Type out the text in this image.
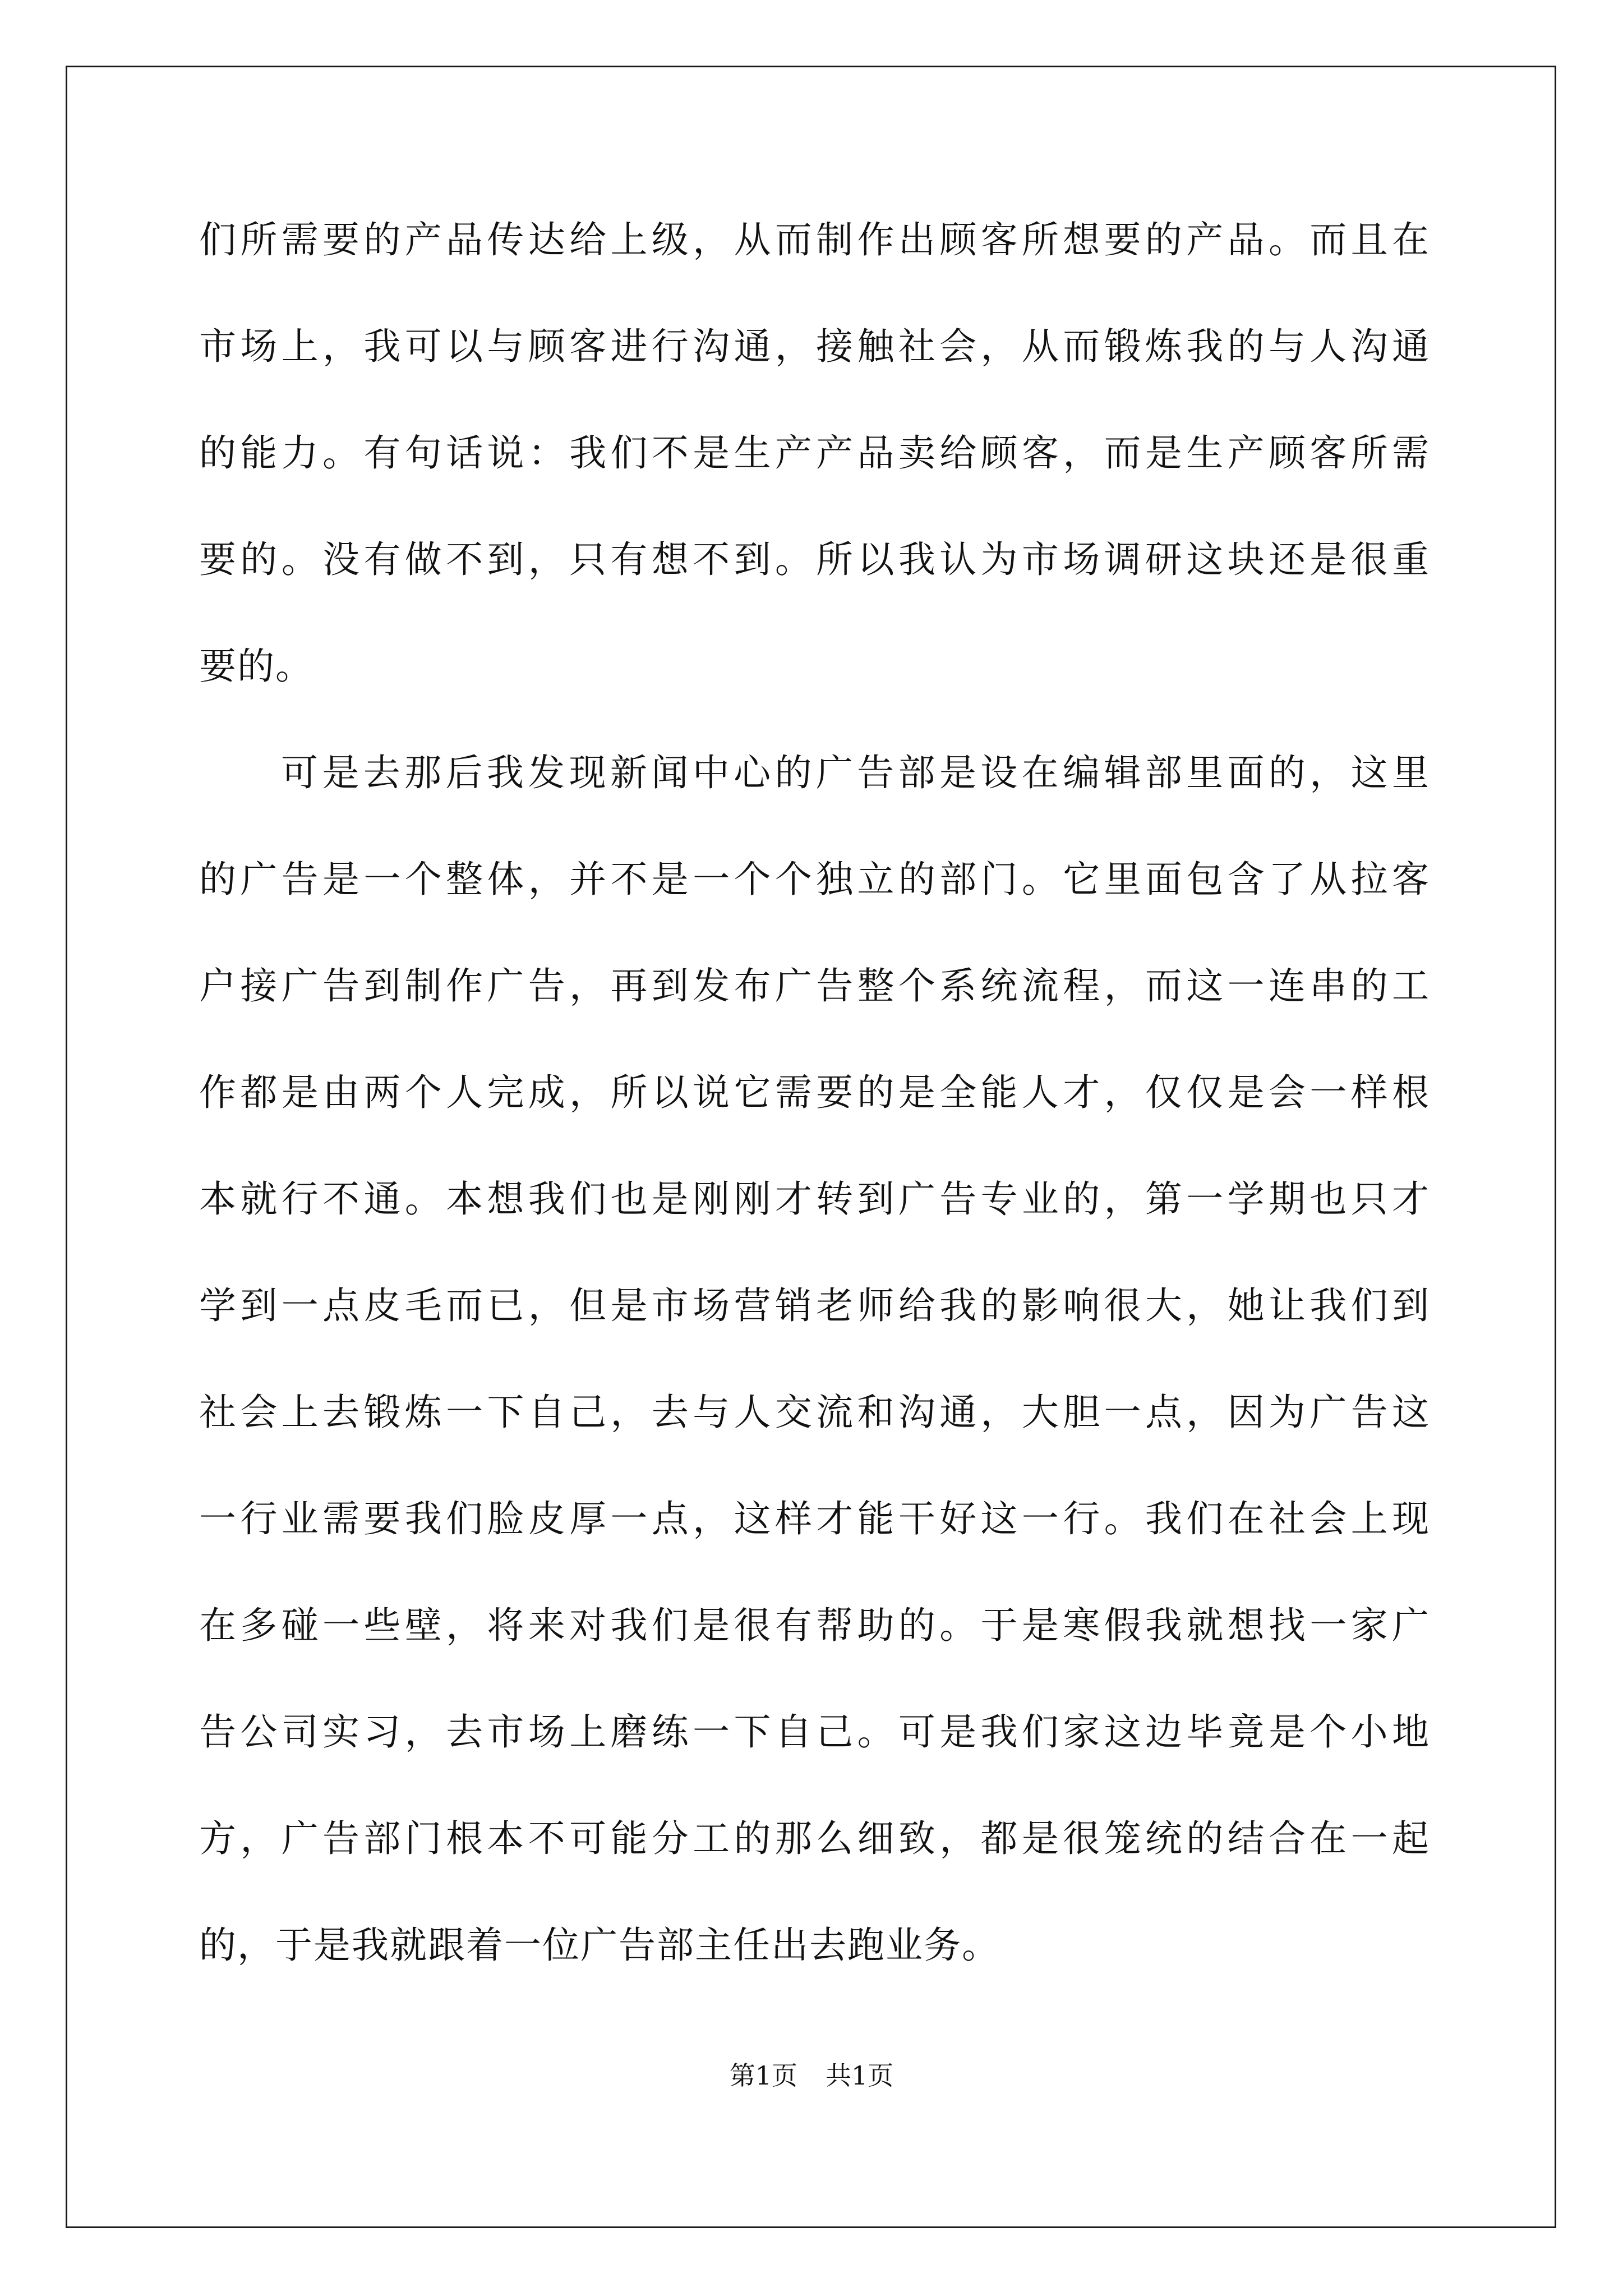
们所需要的产品传达给上级，从而制作出顾客所想要的产品。而且在
市场上，我可以与顾客进行沟通，接触社会，从而锻炼我的与人沟通
的能力。有句话说：我们不是生产产品卖给顾客，而是生产顾客所需
要的。没有做不到，只有想不到。所以我认为市场调研这块还是很重
要的。
可是去那后我发现新闻中心的广告部是设在编辑部里面的，这里
的广告是一个整体，并不是一个个独立的部门。它里面包含了从拉客
户接广告到制作广告，再到发布广告整个系统流程，而这一连串的工
作都是由两个人完成，所以说它需要的是全能人才，仅仅是会一样根
本就行不通。本想我们也是刚刚才转到广告专业的，第一学期也只才
学到一点皮毛而已，但是市场营销老师给我的影响很大，她让我们到
社会上去锻炼一下自己，去与人交流和沟通，大胆一点，因为广告这
一行业需要我们脸皮厚一点，这样才能干好这一行。我们在社会上现
在多碰一些壁，将来对我们是很有帮助的。于是寒假我就想找一家广
告公司实习，去市场上磨练一下自己。可是我们家这边毕竟是个小地
方，广告部门根本不可能分工的那么细致，都是很笼统的结合在一起
的，于是我就跟着一位广告部主任出去跑业务。
第1页 共1页
